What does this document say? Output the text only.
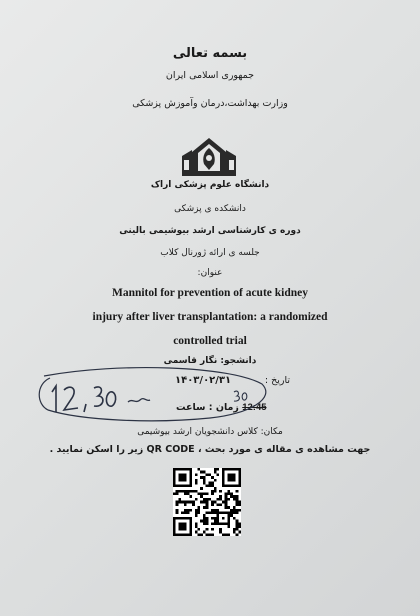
بسمه تعالی
جمهوری اسلامی ایران
وزارت بهداشت،درمان وآموزش پزشکی
دانشگاه علوم پزشکی اراک
دانشکده ی پزشکی
دوره ی کارشناسی ارشد بیوشیمی بالینی
جلسه ی ارائه ژورنال کلاب
عنوان:
Mannitol for prevention of acute kidney
injury after liver transplantation: a randomized
controlled trial
دانشجو: نگار قاسمی
تاریخ :
۱۴۰۳/۰۲/۳۱
12:45 زمان : ساعت
مکان: کلاس دانشجویان ارشد بیوشیمی
جهت مشاهده ی مقاله ی مورد بحث ، QR CODE زیر را اسکن نمایید .
